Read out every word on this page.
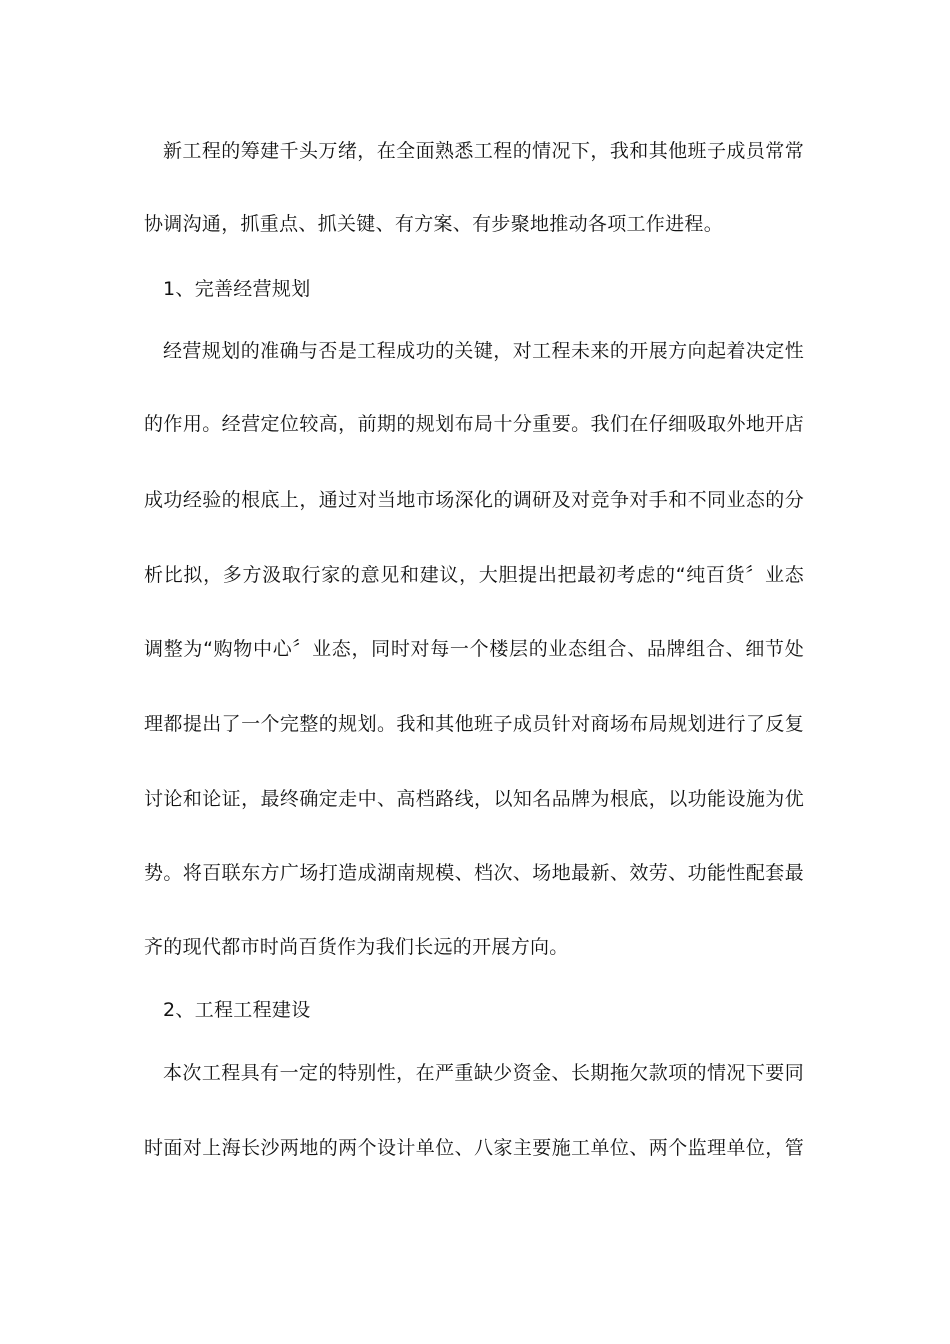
新工程的筹建千头万绪，在全面熟悉工程的情况下，我和其他班子成员常常
协调沟通，抓重点、抓关键、有方案、有步聚地推动各项工作进程。
1、完善经营规划
经营规划的准确与否是工程成功的关键，对工程未来的开展方向起着决定性
的作用。经营定位较高，前期的规划布局十分重要。我们在仔细吸取外地开店
成功经验的根底上，通过对当地市场深化的调研及对竞争对手和不同业态的分
析比拟，多方汲取行家的意见和建议，大胆提出把最初考虑的“纯百货〞业态
调整为“购物中心〞业态，同时对每一个楼层的业态组合、品牌组合、细节处
理都提出了一个完整的规划。我和其他班子成员针对商场布局规划进行了反复
讨论和论证，最终确定走中、高档路线，以知名品牌为根底，以功能设施为优
势。将百联东方广场打造成湖南规模、档次、场地最新、效劳、功能性配套最
齐的现代都市时尚百货作为我们长远的开展方向。
2、工程工程建设
本次工程具有一定的特别性，在严重缺少资金、长期拖欠款项的情况下要同
时面对上海长沙两地的两个设计单位、八家主要施工单位、两个监理单位，管
